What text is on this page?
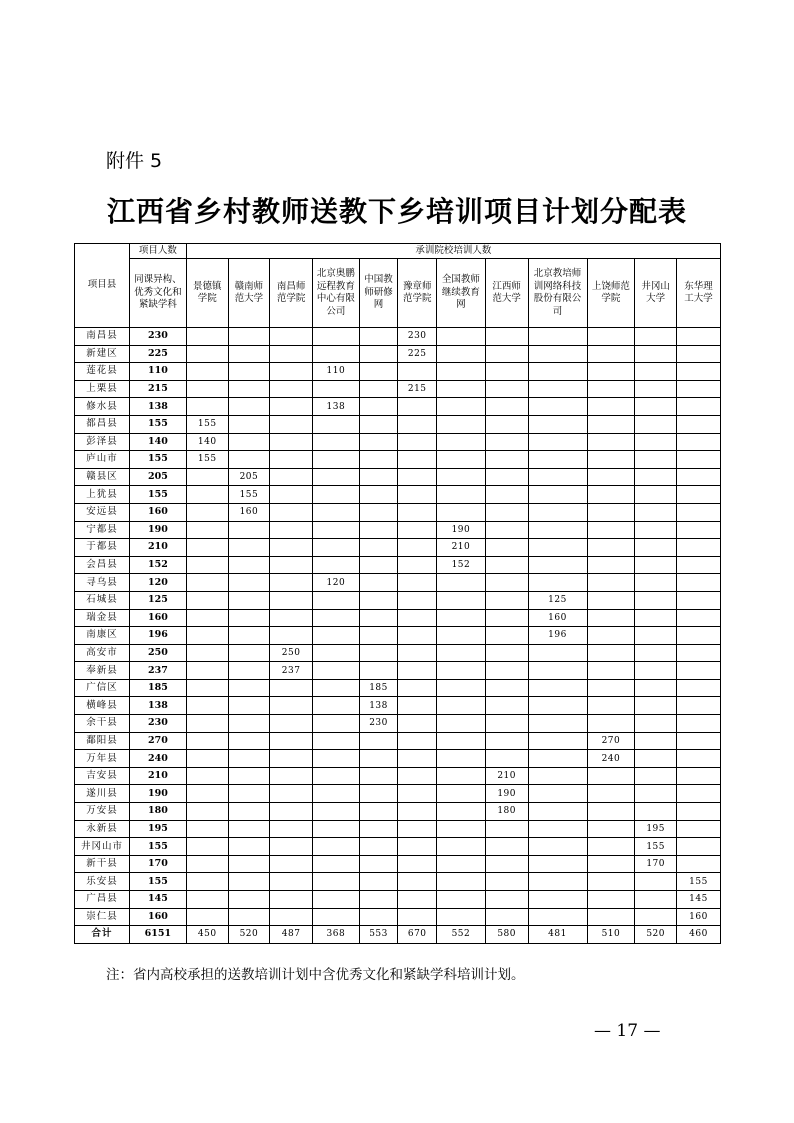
附件 5
江西省乡村教师送教下乡培训项目计划分配表
项目县	项目人数	承训院校培训人数											
	同课异构、优秀文化和紧缺学科	景德镇学院	赣南师范大学	南昌师范学院	北京奥鹏远程教育中心有限公司	中国教师研修网	豫章师范学院	全国教师继续教育网	江西师范大学	北京教培师训网络科技股份有限公司	上饶师范学院	井冈山大学	东华理工大学
南昌县	230						230						
新建区	225						225						
莲花县	110				110								
上栗县	215						215						
修水县	138				138								
都昌县	155	155											
彭泽县	140	140											
庐山市	155	155											
赣县区	205		205										
上犹县	155		155										
安远县	160		160										
宁都县	190							190					
于都县	210							210					
会昌县	152							152					
寻乌县	120				120								
石城县	125									125			
瑞金县	160									160			
南康区	196									196			
高安市	250			250									
奉新县	237			237									
广信区	185					185							
横峰县	138					138							
余干县	230					230							
鄱阳县	270										270		
万年县	240										240		
吉安县	210								210				
遂川县	190								190				
万安县	180								180				
永新县	195											195	
井冈山市	155											155	
新干县	170											170	
乐安县	155												155
广昌县	145												145
崇仁县	160												160
合计	6151	450	520	487	368	553	670	552	580	481	510	520	460
注：省内高校承担的送教培训计划中含优秀文化和紧缺学科培训计划。
— 17 —
